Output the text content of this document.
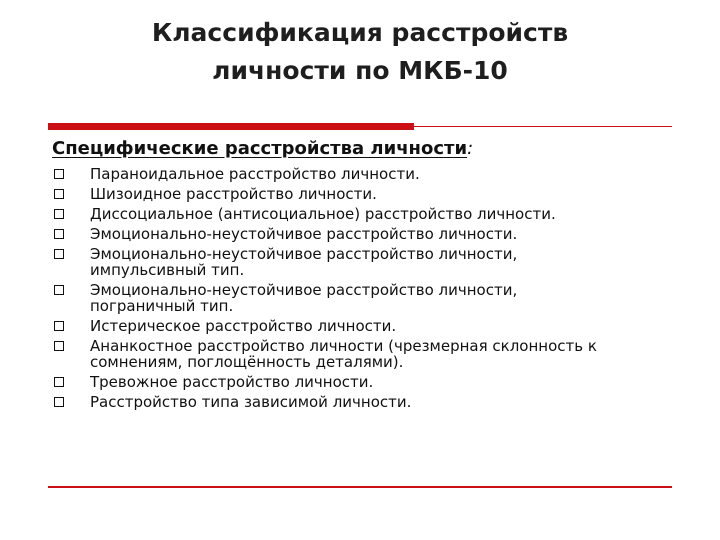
Классификация расстройств
личности по МКБ-10
Специфические расстройства личности:
Параноидальное расстройство личности.
Шизоидное расстройство личности.
Диссоциальное (антисоциальное) расстройство личности.
Эмоционально-неустойчивое расстройство личности.
Эмоционально-неустойчивое расстройство личности,
импульсивный тип.
Эмоционально-неустойчивое расстройство личности,
пограничный тип.
Истерическое расстройство личности.
Ананкостное расстройство личности (чрезмерная склонность к
сомнениям, поглощённость деталями).
Тревожное расстройство личности.
Расстройство типа зависимой личности.
